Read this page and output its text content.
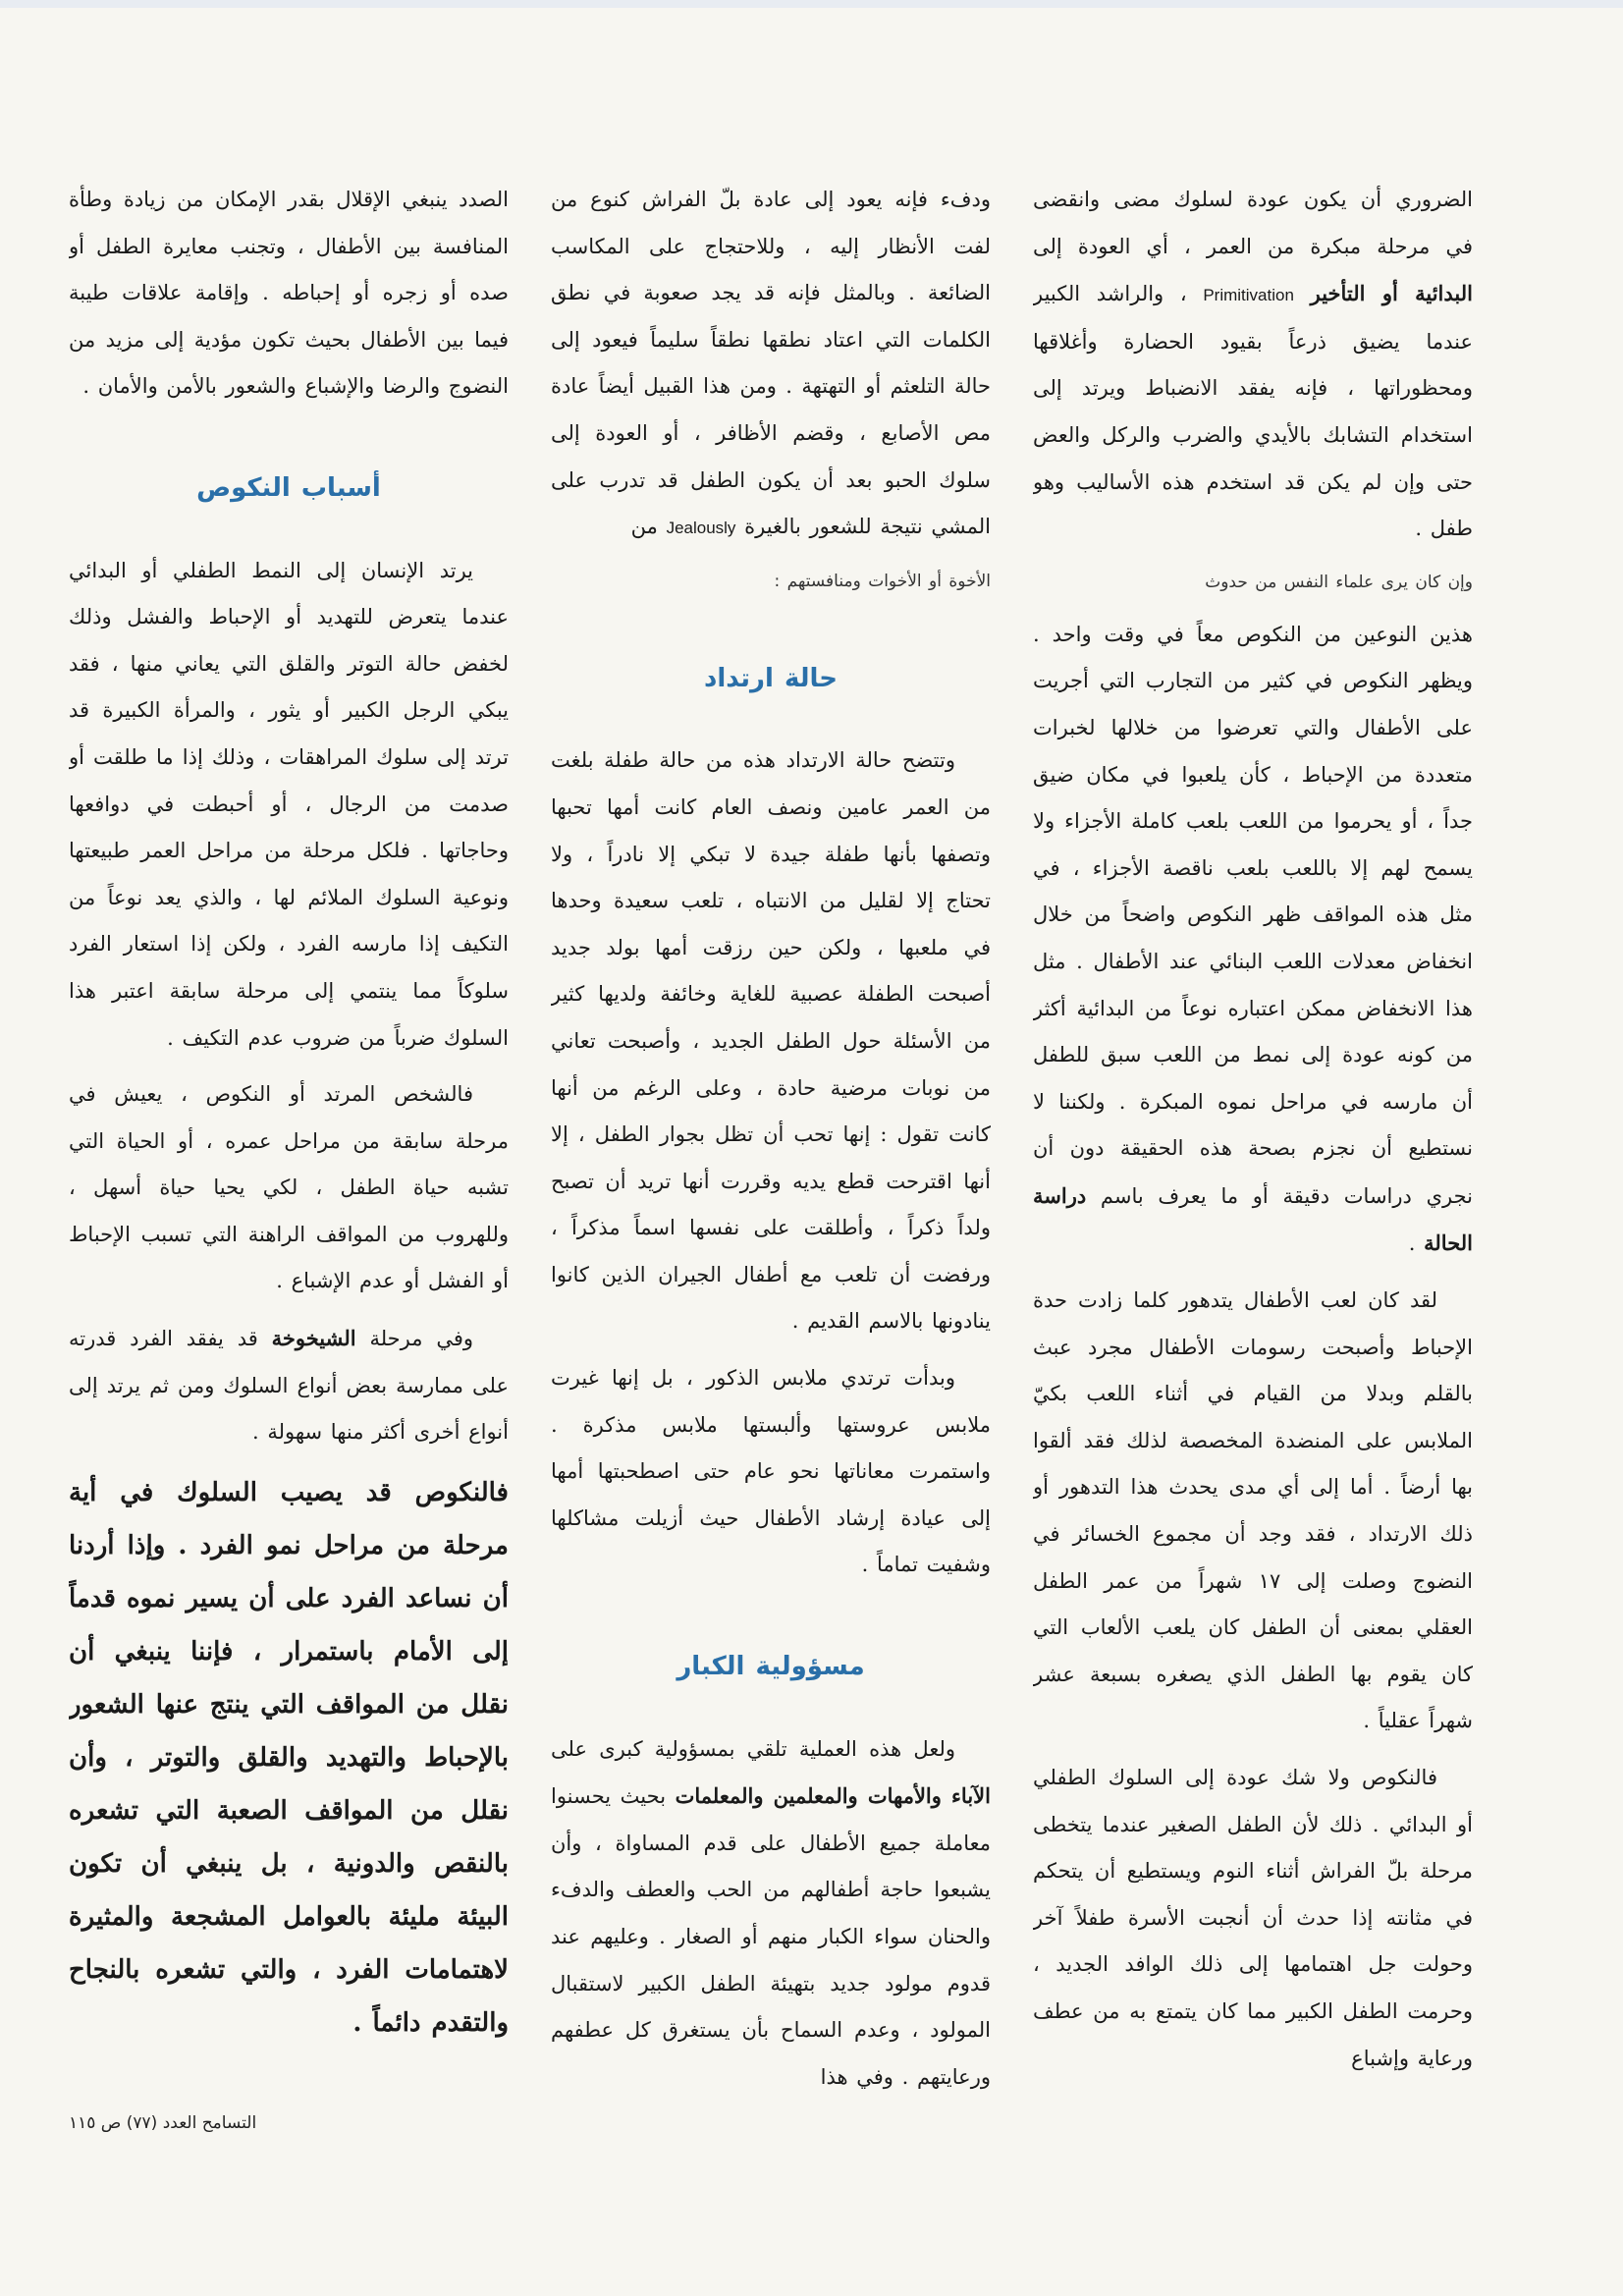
الضروري أن يكون عودة لسلوك مضى وانقضى في مرحلة مبكرة من العمر ، أي العودة إلى البدائية أو التأخير Primitivation ، والراشد الكبير عندما يضيق ذرعاً بقيود الحضارة وأغلاقها ومحظوراتها ، فإنه يفقد الانضباط ويرتد إلى استخدام التشابك بالأيدي والضرب والركل والعض حتى وإن لم يكن قد استخدم هذه الأساليب وهو طفل .

وإن كان يرى علماء النفس من حدوث

هذين النوعين من النكوص معاً في وقت واحد . ويظهر النكوص في كثير من التجارب التي أجريت على الأطفال والتي تعرضوا من خلالها لخبرات متعددة من الإحباط ، كأن يلعبوا في مكان ضيق جداً ، أو يحرموا من اللعب بلعب كاملة الأجزاء ولا يسمح لهم إلا باللعب بلعب ناقصة الأجزاء ، في مثل هذه المواقف ظهر النكوص واضحاً من خلال انخفاض معدلات اللعب البنائي عند الأطفال . مثل هذا الانخفاض ممكن اعتباره نوعاً من البدائية أكثر من كونه عودة إلى نمط من اللعب سبق للطفل أن مارسه في مراحل نموه المبكرة . ولكننا لا نستطيع أن نجزم بصحة هذه الحقيقة دون أن نجري دراسات دقيقة أو ما يعرف باسم دراسة الحالة .

لقد كان لعب الأطفال يتدهور كلما زادت حدة الإحباط وأصبحت رسومات الأطفال مجرد عبث بالقلم وبدلا من القيام في أثناء اللعب بكيّ الملابس على المنضدة المخصصة لذلك فقد ألقوا بها أرضاً . أما إلى أي مدى يحدث هذا التدهور أو ذلك الارتداد ، فقد وجد أن مجموع الخسائر في النضوج وصلت إلى ١٧ شهراً من عمر الطفل العقلي بمعنى أن الطفل كان يلعب الألعاب التي كان يقوم بها الطفل الذي يصغره بسبعة عشر شهراً عقلياً .

فالنكوص ولا شك عودة إلى السلوك الطفلي أو البدائي . ذلك لأن الطفل الصغير عندما يتخطى مرحلة بلّ الفراش أثناء النوم ويستطيع أن يتحكم في مثانته إذا حدث أن أنجبت الأسرة طفلاً آخر وحولت جل اهتمامها إلى ذلك الوافد الجديد ، وحرمت الطفل الكبير مما كان يتمتع به من عطف ورعاية وإشباع

ودفء فإنه يعود إلى عادة بلّ الفراش كنوع من لفت الأنظار إليه ، وللاحتجاج على المكاسب الضائعة . وبالمثل فإنه قد يجد صعوبة في نطق الكلمات التي اعتاد نطقها نطقاً سليماً فيعود إلى حالة التلعثم أو التهتهة . ومن هذا القبيل أيضاً عادة مص الأصابع ، وقضم الأظافر ، أو العودة إلى سلوك الحبو بعد أن يكون الطفل قد تدرب على المشي نتيجة للشعور بالغيرة Jealously من

الأخوة أو الأخوات ومنافستهم :

حالة ارتداد

وتتضح حالة الارتداد هذه من حالة طفلة بلغت من العمر عامين ونصف العام كانت أمها تحبها وتصفها بأنها طفلة جيدة لا تبكي إلا نادراً ، ولا تحتاج إلا لقليل من الانتباه ، تلعب سعيدة وحدها في ملعبها ، ولكن حين رزقت أمها بولد جديد أصبحت الطفلة عصبية للغاية وخائفة ولديها كثير من الأسئلة حول الطفل الجديد ، وأصبحت تعاني من نوبات مرضية حادة ، وعلى الرغم من أنها كانت تقول : إنها تحب أن تظل بجوار الطفل ، إلا أنها اقترحت قطع يديه وقررت أنها تريد أن تصبح ولداً ذكراً ، وأطلقت على نفسها اسماً مذكراً ، ورفضت أن تلعب مع أطفال الجيران الذين كانوا ينادونها بالاسم القديم .

وبدأت ترتدي ملابس الذكور ، بل إنها غيرت ملابس عروستها وألبستها ملابس مذكرة . واستمرت معاناتها نحو عام حتى اصطحبتها أمها إلى عيادة إرشاد الأطفال حيث أزيلت مشاكلها وشفيت تماماً .

مسؤولية الكبار

ولعل هذه العملية تلقي بمسؤولية كبرى على الآباء والأمهات والمعلمين والمعلمات بحيث يحسنوا معاملة جميع الأطفال على قدم المساواة ، وأن يشبعوا حاجة أطفالهم من الحب والعطف والدفء والحنان سواء الكبار منهم أو الصغار . وعليهم عند قدوم مولود جديد بتهيئة الطفل الكبير لاستقبال المولود ، وعدم السماح بأن يستغرق كل عطفهم ورعايتهم . وفي هذا

الصدد ينبغي الإقلال بقدر الإمكان من زيادة وطأة المنافسة بين الأطفال ، وتجنب معايرة الطفل أو صده أو زجره أو إحباطه . وإقامة علاقات طيبة فيما بين الأطفال بحيث تكون مؤدية إلى مزيد من النضوج والرضا والإشباع والشعور بالأمن والأمان .

أسباب النكوص

يرتد الإنسان إلى النمط الطفلي أو البدائي عندما يتعرض للتهديد أو الإحباط والفشل وذلك لخفض حالة التوتر والقلق التي يعاني منها ، فقد يبكي الرجل الكبير أو يثور ، والمرأة الكبيرة قد ترتد إلى سلوك المراهقات ، وذلك إذا ما طلقت أو صدمت من الرجال ، أو أحبطت في دوافعها وحاجاتها . فلكل مرحلة من مراحل العمر طبيعتها ونوعية السلوك الملائم لها ، والذي يعد نوعاً من التكيف إذا مارسه الفرد ، ولكن إذا استعار الفرد سلوكاً مما ينتمي إلى مرحلة سابقة اعتبر هذا السلوك ضرباً من ضروب عدم التكيف .

فالشخص المرتد أو النكوص ، يعيش في مرحلة سابقة من مراحل عمره ، أو الحياة التي تشبه حياة الطفل ، لكي يحيا حياة أسهل ، وللهروب من المواقف الراهنة التي تسبب الإحباط أو الفشل أو عدم الإشباع .

وفي مرحلة الشيخوخة قد يفقد الفرد قدرته على ممارسة بعض أنواع السلوك ومن ثم يرتد إلى أنواع أخرى أكثر منها سهولة .

فالنكوص قد يصيب السلوك في أية مرحلة من مراحل نمو الفرد . وإذا أردنا أن نساعد الفرد على أن يسير نموه قدماً إلى الأمام باستمرار ، فإننا ينبغي أن نقلل من المواقف التي ينتج عنها الشعور بالإحباط والتهديد والقلق والتوتر ، وأن نقلل من المواقف الصعبة التي تشعره بالنقص والدونية ، بل ينبغي أن تكون البيئة مليئة بالعوامل المشجعة والمثيرة لاهتمامات الفرد ، والتي تشعره بالنجاح والتقدم دائماً .

التسامح العدد (٧٧) ص ١١٥
